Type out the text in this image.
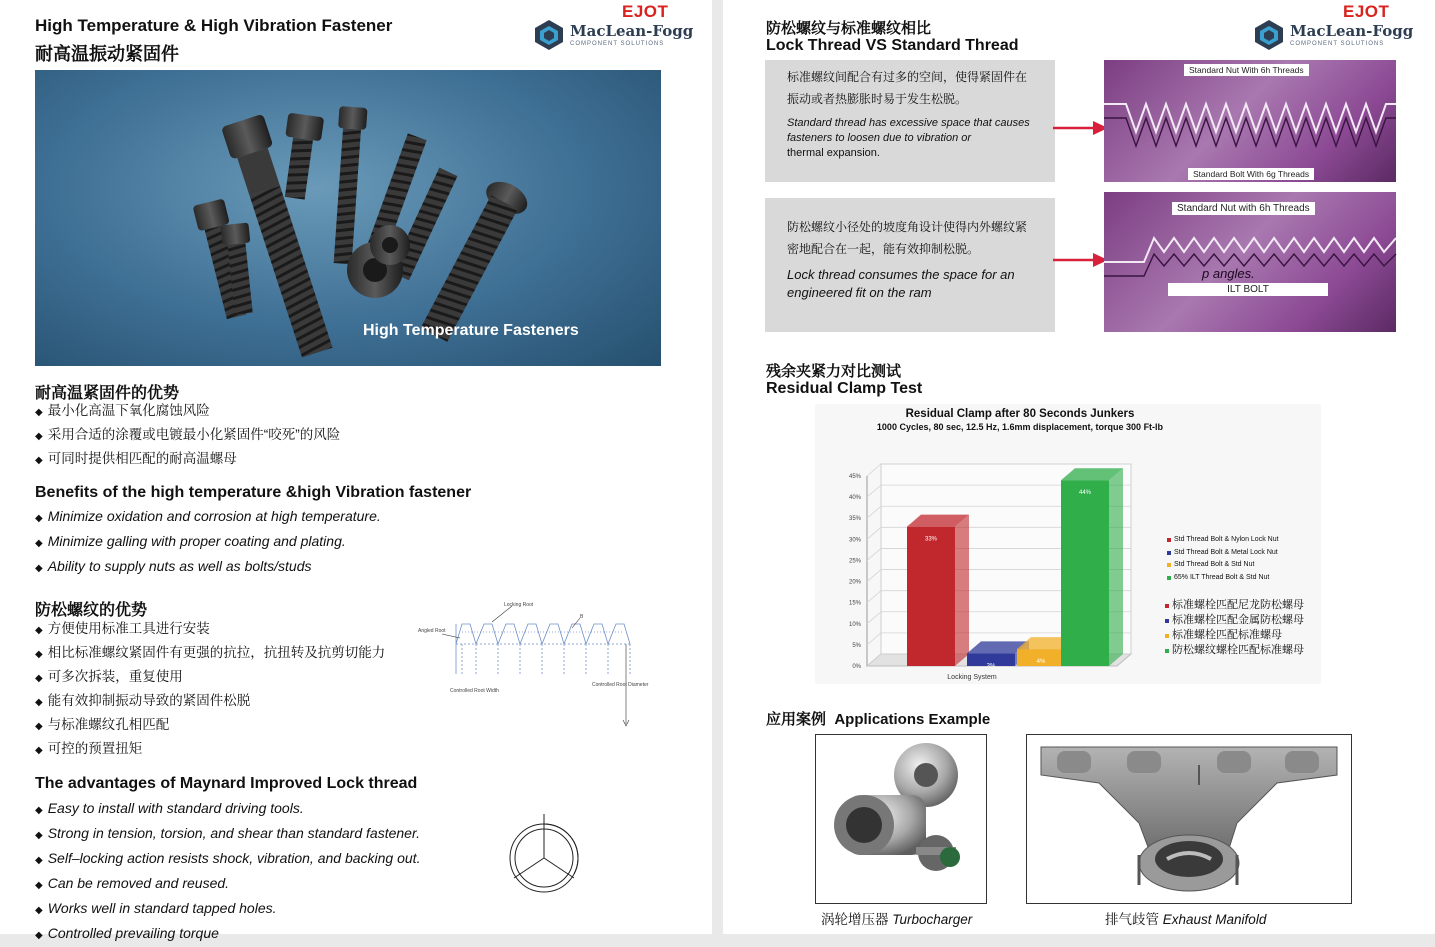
High Temperature & High Vibration Fastener
耐高温振动紧固件
EJOT
MacLean-Fogg
COMPONENT SOLUTIONS
High Temperature Fasteners
耐高温紧固件的优势
◆ 最小化高温下氧化腐蚀风险
◆ 采用合适的涂覆或电镀最小化紧固件“咬死”的风险
◆ 可同时提供相匹配的耐高温螺母
Benefits of the high temperature &high Vibration fastener
◆ Minimize oxidation and corrosion at high temperature.
◆ Minimize galling with proper coating and plating.
◆ Ability to supply nuts as well as bolts/studs
防松螺纹的优势
◆ 方便使用标准工具进行安装
◆ 相比标准螺纹紧固件有更强的抗拉，抗扭转及抗剪切能力
◆ 可多次拆装，重复使用
◆ 能有效抑制振动导致的紧固件松脱
◆ 与标准螺纹孔相匹配
◆ 可控的预置扭矩
Locking Root
Angled Root
B
Controlled Root Width
Controlled Root Diameter
The advantages of Maynard Improved Lock thread
◆ Easy to install with standard driving tools.
◆ Strong in tension, torsion, and shear than standard fastener.
◆ Self–locking action resists shock, vibration, and backing out.
◆ Can be removed and reused.
◆ Works well in standard tapped holes.
◆ Controlled prevailing torque
EJOT
MacLean-Fogg
COMPONENT SOLUTIONS
防松螺纹与标准螺纹相比
Lock Thread VS Standard Thread
标准螺纹间配合有过多的空间，使得紧固件在振动或者热膨胀时易于发生松脱。
Standard thread has excessive space that causes fasteners to loosen due to vibration or
thermal expansion.
Standard Nut With 6h Threads
Standard Bolt With 6g Threads
防松螺纹小径处的坡度角设计使得内外螺纹紧密地配合在一起，能有效抑制松脱。
Lock thread consumes the space for an engineered fit on the ram
Standard Nut with 6h Threads
p angles.
ILT BOLT
残余夹紧力对比测试
Residual Clamp Test
Residual Clamp after 80 Seconds Junkers
1000 Cycles, 80 sec, 12.5 Hz, 1.6mm displacement, torque 300 Ft-lb
0%
5%
10%
15%
20%
25%
30%
35%
40%
45%
33%
3%
4%
44%
Locking System
Std Thread Bolt & Nylon Lock Nut
Std Thread Bolt & Metal Lock Nut
Std Thread Bolt & Std Nut
65% ILT Thread Bolt & Std Nut
标准螺栓匹配尼龙防松螺母
标准螺栓匹配金属防松螺母
标准螺栓匹配标准螺母
防松螺纹螺栓匹配标准螺母
应用案例  Applications Example
涡轮增压器 Turbocharger	排气歧管 Exhaust Manifold
